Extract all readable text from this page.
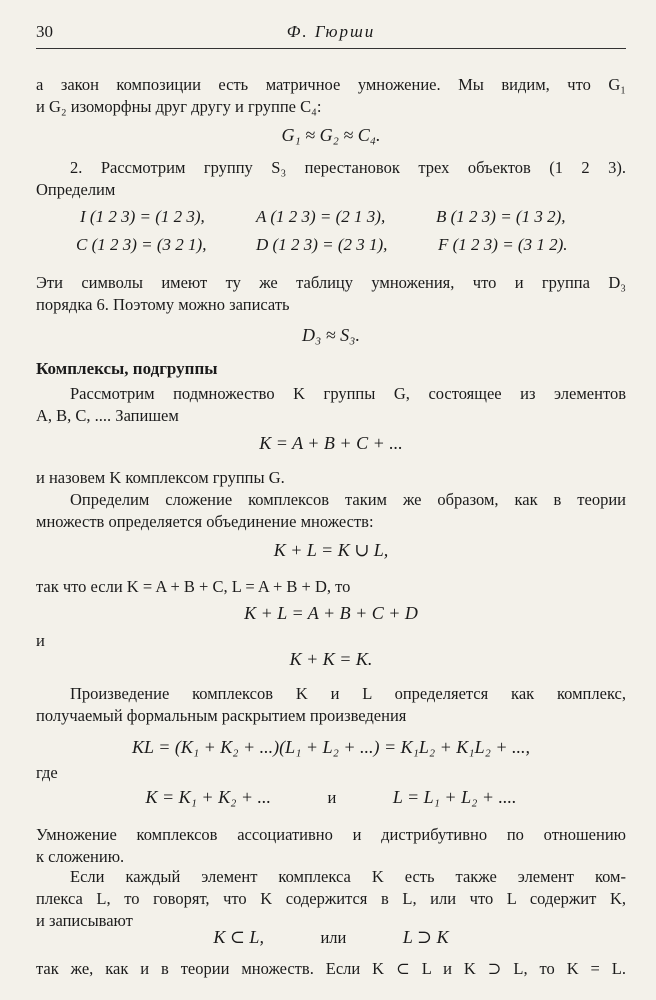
30	Ф. Гюрши
а закон композиции есть матричное умножение. Мы видим, что G₁
и G₂ изоморфны друг другу и группе C₄:
G₁ ≈ G₂ ≈ C₄.
2. Рассмотрим группу S₃ перестановок трех объектов (1 2 3).
Определим
I (1 2 3) = (1 2 3),	A (1 2 3) = (2 1 3),	B (1 2 3) = (1 3 2),
C (1 2 3) = (3 2 1),	D (1 2 3) = (2 3 1),	F (1 2 3) = (3 1 2).
Эти символы имеют ту же таблицу умножения, что и группа D₃
порядка 6. Поэтому можно записать
D₃ ≈ S₃.
Комплексы, подгруппы
Рассмотрим подмножество K группы G, состоящее из элементов
A, B, C, .... Запишем
K = A + B + C + ...
и назовем K комплексом группы G.
Определим сложение комплексов таким же образом, как в теории
множеств определяется объединение множеств:
K + L = K ∪ L,
так что если K = A + B + C, L = A + B + D, то
K + L = A + B + C + D
и
K + K = K.
Произведение комплексов K и L определяется как комплекс,
получаемый формальным раскрытием произведения
KL = (K₁ + K₂ + ...)(L₁ + L₂ + ...) = K₁L₂ + K₁L₂ + ...,
где
K = K₁ + K₂ + ...	и	L = L₁ + L₂ + ....
Умножение комплексов ассоциативно и дистрибутивно по отношению
к сложению.
Если каждый элемент комплекса K есть также элемент ком-
плекса L, то говорят, что K содержится в L, или что L содержит K,
и записывают
K ⊂ L,	или	L ⊃ K
так же, как и в теории множеств. Если K ⊂ L и K ⊃ L, то K = L.
